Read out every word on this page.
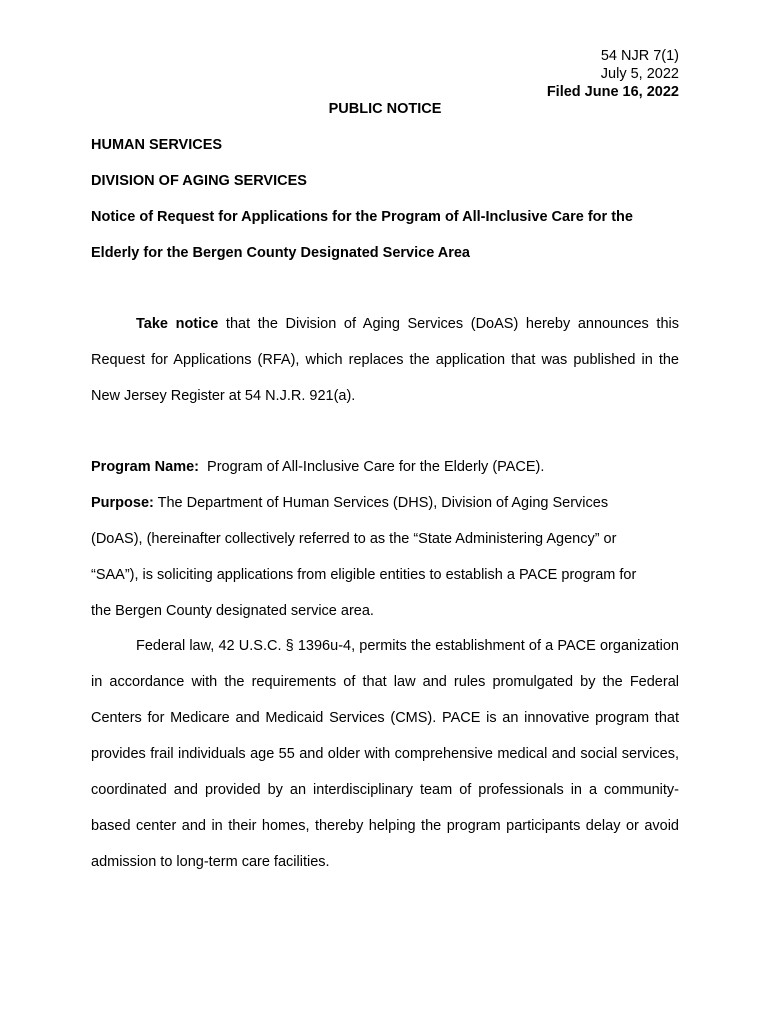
54 NJR 7(1)
July 5, 2022
Filed June 16, 2022
PUBLIC NOTICE
HUMAN SERVICES
DIVISION OF AGING SERVICES
Notice of Request for Applications for the Program of All-Inclusive Care for the Elderly for the Bergen County Designated Service Area

Take notice that the Division of Aging Services (DoAS) hereby announces this Request for Applications (RFA), which replaces the application that was published in the New Jersey Register at 54 N.J.R. 921(a).

Program Name:  Program of All-Inclusive Care for the Elderly (PACE).

Purpose: The Department of Human Services (DHS), Division of Aging Services (DoAS), (hereinafter collectively referred to as the “State Administering Agency” or “SAA”), is soliciting applications from eligible entities to establish a PACE program for the Bergen County designated service area.

Federal law, 42 U.S.C. § 1396u-4, permits the establishment of a PACE organization in accordance with the requirements of that law and rules promulgated by the Federal Centers for Medicare and Medicaid Services (CMS). PACE is an innovative program that provides frail individuals age 55 and older with comprehensive medical and social services, coordinated and provided by an interdisciplinary team of professionals in a community-based center and in their homes, thereby helping the program participants delay or avoid admission to long-term care facilities.
